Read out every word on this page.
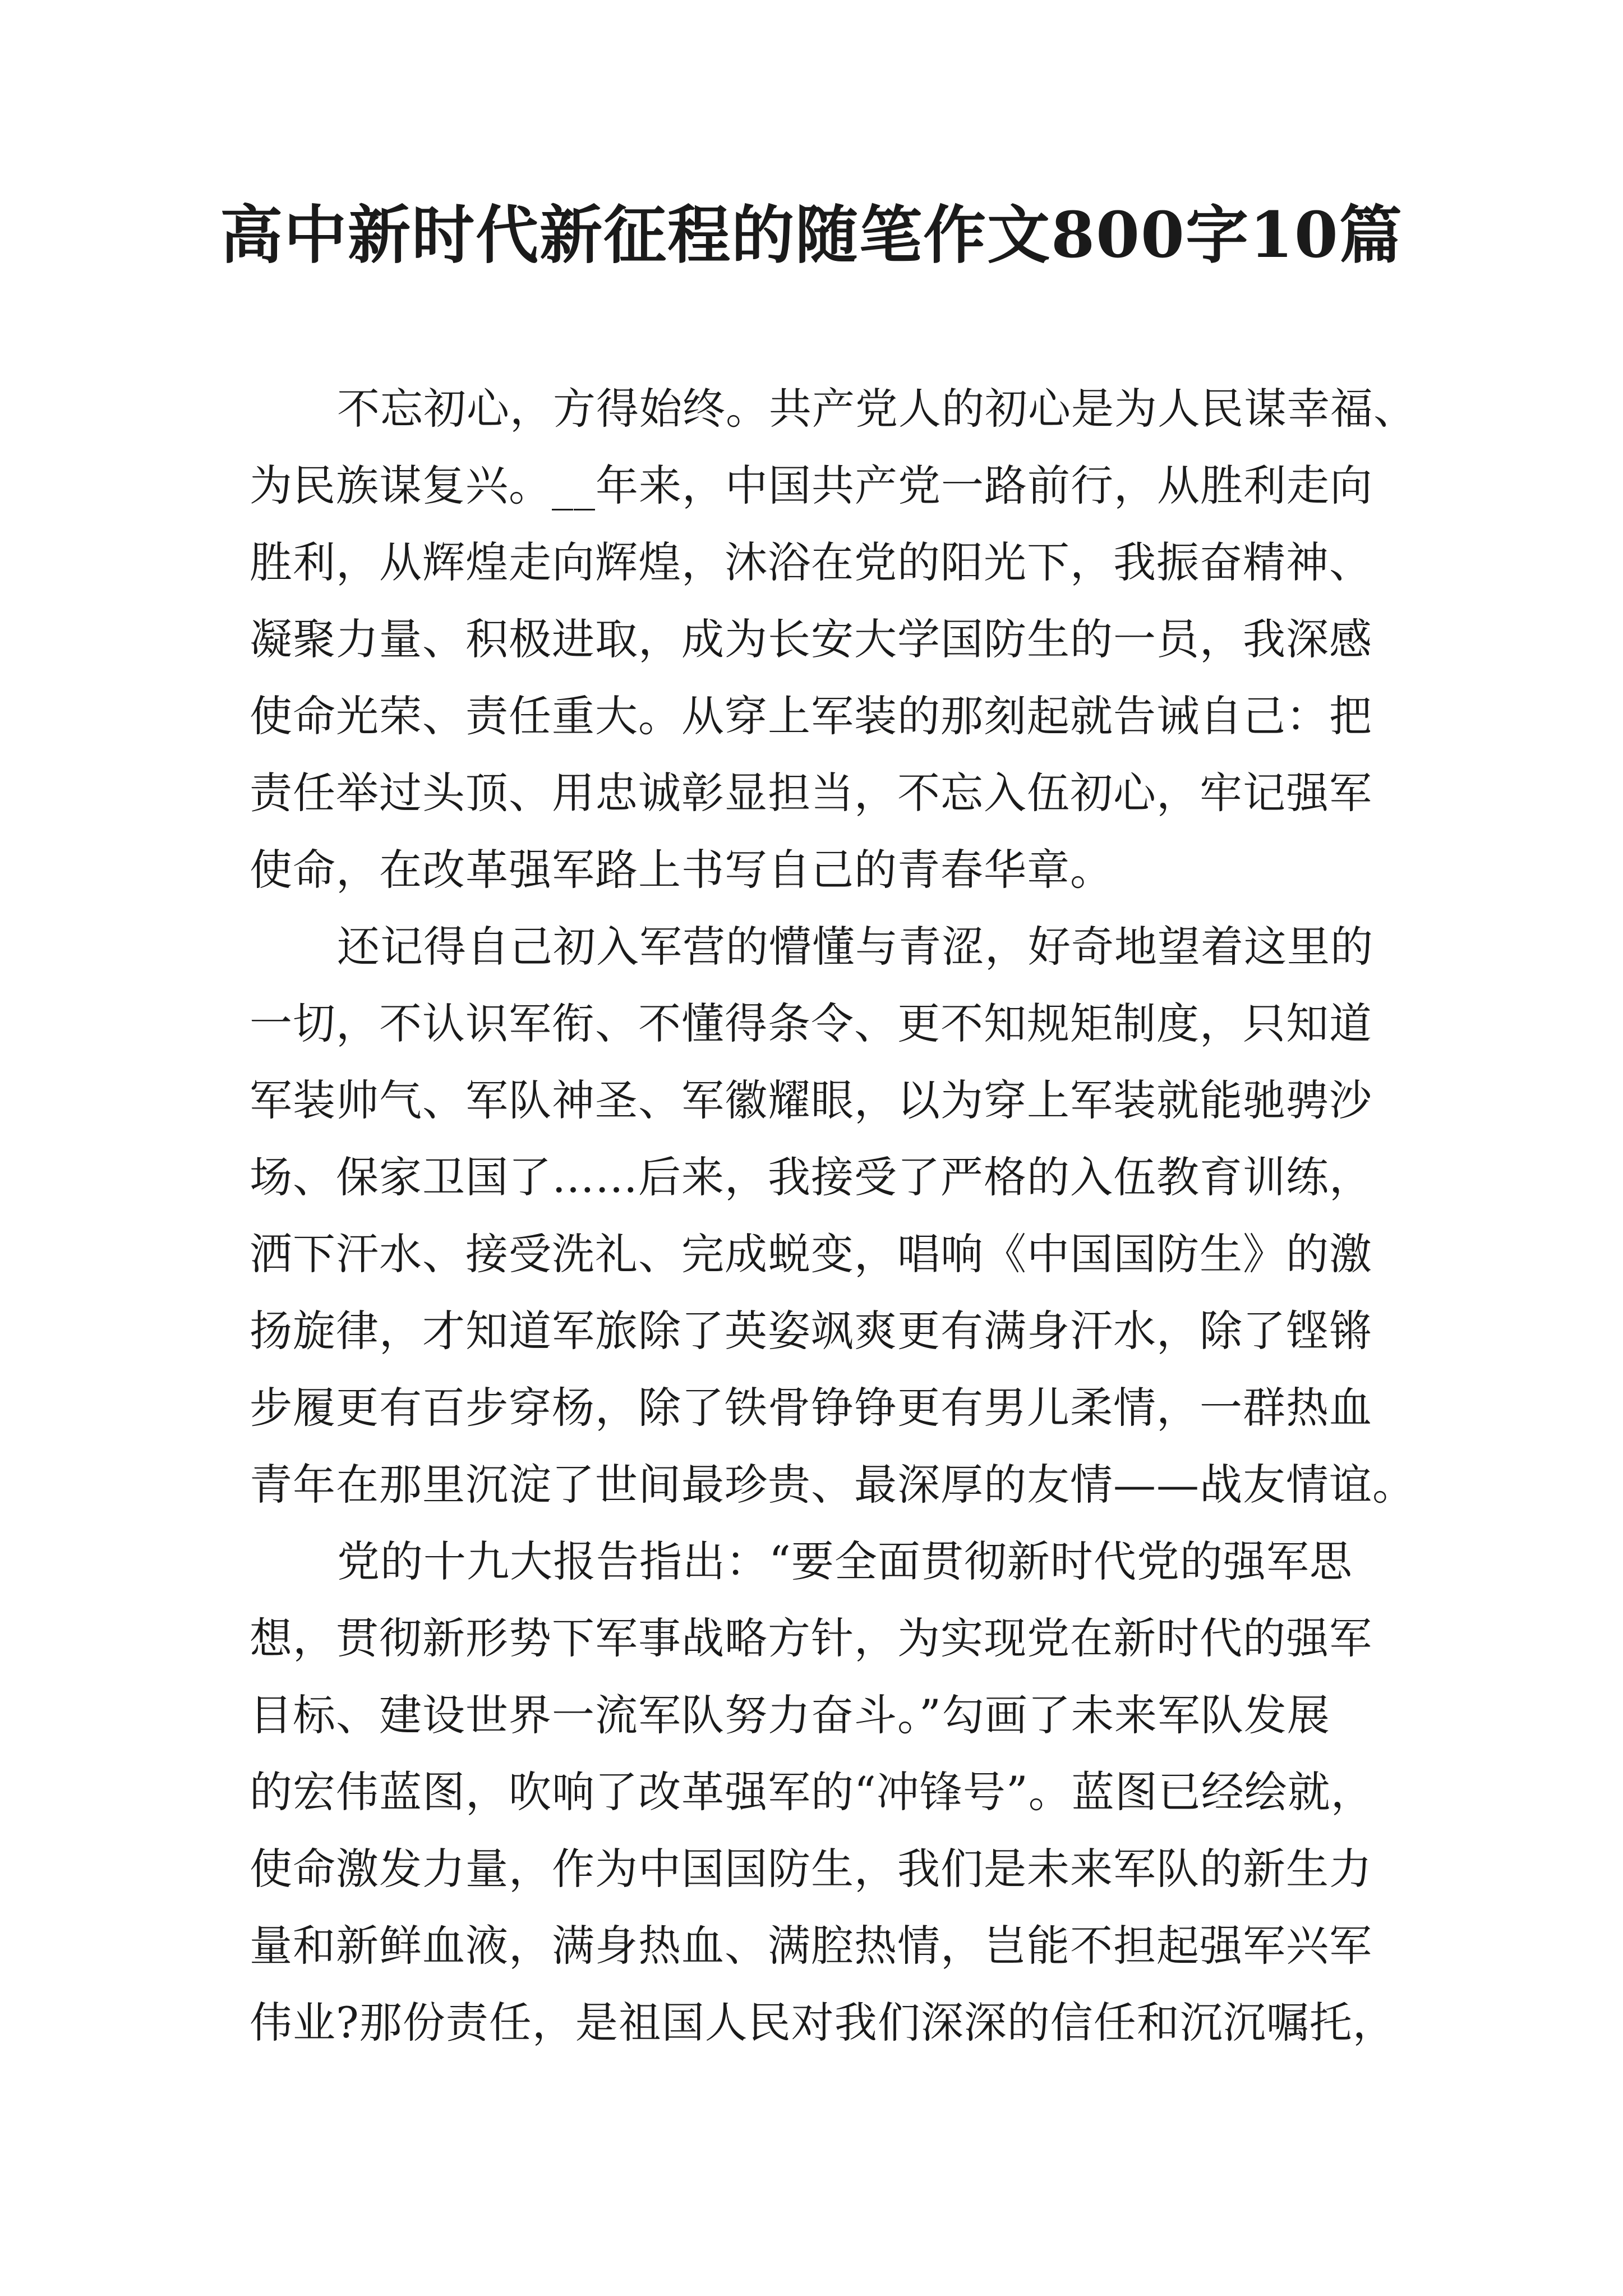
高中新时代新征程的随笔作文800字10篇
不忘初心，方得始终。共产党人的初心是为人民谋幸福、
为民族谋复兴。__年来，中国共产党一路前行，从胜利走向
胜利，从辉煌走向辉煌，沐浴在党的阳光下，我振奋精神、
凝聚力量、积极进取，成为长安大学国防生的一员，我深感
使命光荣、责任重大。从穿上军装的那刻起就告诫自己：把
责任举过头顶、用忠诚彰显担当，不忘入伍初心，牢记强军
使命，在改革强军路上书写自己的青春华章。
还记得自己初入军营的懵懂与青涩，好奇地望着这里的
一切，不认识军衔、不懂得条令、更不知规矩制度，只知道
军装帅气、军队神圣、军徽耀眼，以为穿上军装就能驰骋沙
场、保家卫国了……后来，我接受了严格的入伍教育训练，
洒下汗水、接受洗礼、完成蜕变，唱响《中国国防生》的激
扬旋律，才知道军旅除了英姿飒爽更有满身汗水，除了铿锵
步履更有百步穿杨，除了铁骨铮铮更有男儿柔情，一群热血
青年在那里沉淀了世间最珍贵、最深厚的友情——战友情谊。
党的十九大报告指出：“要全面贯彻新时代党的强军思
想，贯彻新形势下军事战略方针，为实现党在新时代的强军
目标、建设世界一流军队努力奋斗。”勾画了未来军队发展
的宏伟蓝图，吹响了改革强军的“冲锋号”。蓝图已经绘就，
使命激发力量，作为中国国防生，我们是未来军队的新生力
量和新鲜血液，满身热血、满腔热情，岂能不担起强军兴军
伟业?那份责任，是祖国人民对我们深深的信任和沉沉嘱托，
